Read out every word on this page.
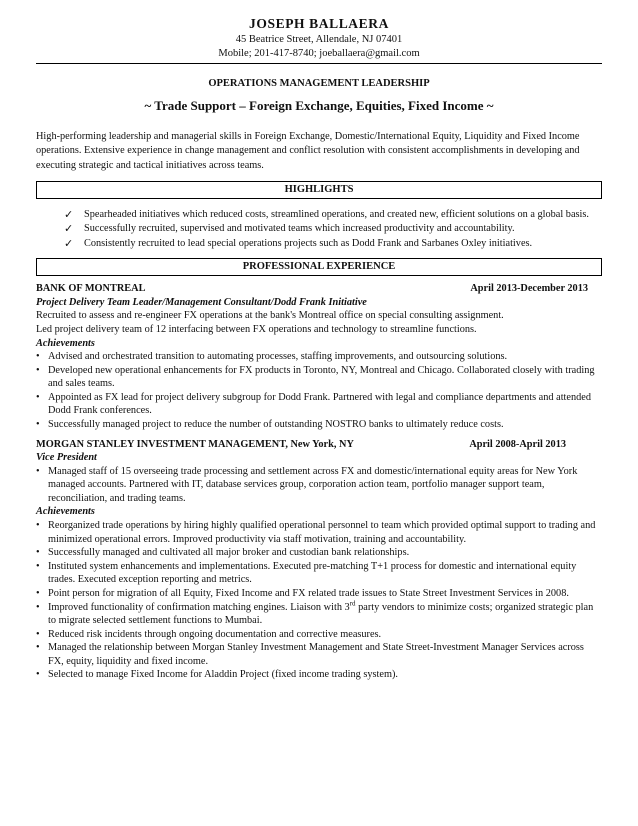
JOSEPH BALLAERA
45 Beatrice Street, Allendale, NJ 07401
Mobile; 201-417-8740; joeballaera@gmail.com
OPERATIONS MANAGEMENT LEADERSHIP
~ Trade Support – Foreign Exchange, Equities, Fixed Income ~
High-performing leadership and managerial skills in Foreign Exchange, Domestic/International Equity, Liquidity and Fixed Income operations. Extensive experience in change management and conflict resolution with consistent accomplishments in developing and executing strategic and tactical initiatives across teams.
HIGHLIGHTS
✓ Spearheaded initiatives which reduced costs, streamlined operations, and created new, efficient solutions on a global basis.
✓ Successfully recruited, supervised and motivated teams which increased productivity and accountability.
✓ Consistently recruited to lead special operations projects such as Dodd Frank and Sarbanes Oxley initiatives.
PROFESSIONAL EXPERIENCE
BANK OF MONTREAL	April 2013-December 2013
Project Delivery Team Leader/Management Consultant/Dodd Frank Initiative
Recruited to assess and re-engineer FX operations at the bank's Montreal office on special consulting assignment.
Led project delivery team of 12 interfacing between FX operations and technology to streamline functions.
Achievements
• Advised and orchestrated transition to automating processes, staffing improvements, and outsourcing solutions.
• Developed new operational enhancements for FX products in Toronto, NY, Montreal and Chicago. Collaborated closely with trading and sales teams.
• Appointed as FX lead for project delivery subgroup for Dodd Frank. Partnered with legal and compliance departments and attended Dodd Frank conferences.
• Successfully managed project to reduce the number of outstanding NOSTRO banks to ultimately reduce costs.
MORGAN STANLEY INVESTMENT MANAGEMENT, New York, NY	April 2008-April 2013
Vice President
• Managed staff of 15 overseeing trade processing and settlement across FX and domestic/international equity areas for New York managed accounts. Partnered with IT, database services group, corporation action team, portfolio manager support team, reconciliation, and trading teams.
Achievements
• Reorganized trade operations by hiring highly qualified operational personnel to team which provided optimal support to trading and minimized operational errors. Improved productivity via staff motivation, training and accountability.
• Successfully managed and cultivated all major broker and custodian bank relationships.
• Instituted system enhancements and implementations. Executed pre-matching T+1 process for domestic and international equity trades. Executed exception reporting and metrics.
• Point person for migration of all Equity, Fixed Income and FX related trade issues to State Street Investment Services in 2008.
• Improved functionality of confirmation matching engines. Liaison with 3rd party vendors to minimize costs; organized strategic plan to migrate selected settlement functions to Mumbai.
• Reduced risk incidents through ongoing documentation and corrective measures.
• Managed the relationship between Morgan Stanley Investment Management and State Street-Investment Manager Services across FX, equity, liquidity and fixed income.
• Selected to manage Fixed Income for Aladdin Project (fixed income trading system).
